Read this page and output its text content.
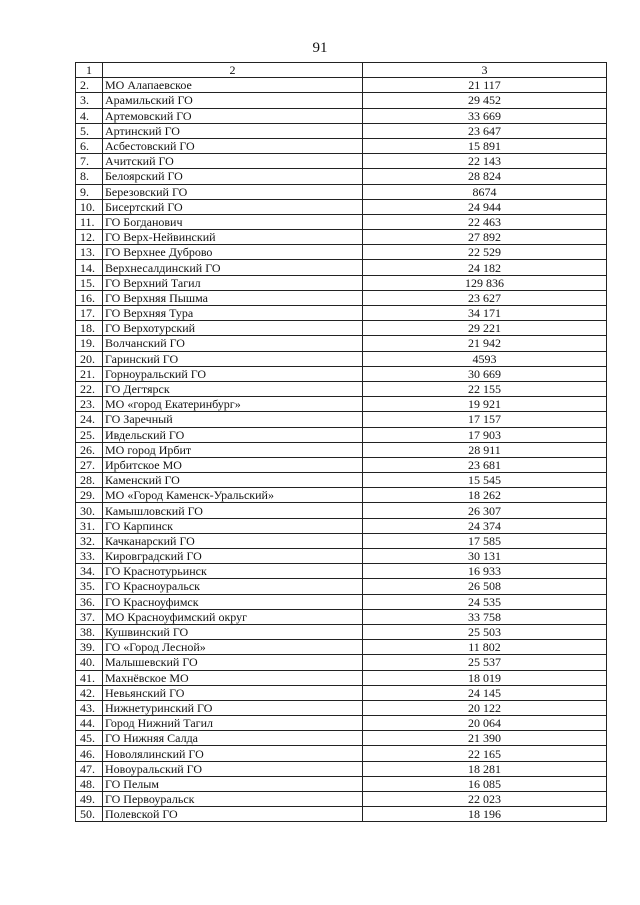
91
1	2	3
2.	МО Алапаевское	21 117
3.	Арамильский ГО	29 452
4.	Артемовский ГО	33 669
5.	Артинский ГО	23 647
6.	Асбестовский ГО	15 891
7.	Ачитский ГО	22 143
8.	Белоярский ГО	28 824
9.	Березовский ГО	8674
10.	Бисертский ГО	24 944
11.	ГО Богданович	22 463
12.	ГО Верх-Нейвинский	27 892
13.	ГО Верхнее Дуброво	22 529
14.	Верхнесалдинский ГО	24 182
15.	ГО Верхний Тагил	129 836
16.	ГО Верхняя Пышма	23 627
17.	ГО Верхняя Тура	34 171
18.	ГО Верхотурский	29 221
19.	Волчанский ГО	21 942
20.	Гаринский ГО	4593
21.	Горноуральский ГО	30 669
22.	ГО Дегтярск	22 155
23.	МО «город Екатеринбург»	19 921
24.	ГО Заречный	17 157
25.	Ивдельский ГО	17 903
26.	МО город Ирбит	28 911
27.	Ирбитское МО	23 681
28.	Каменский ГО	15 545
29.	МО «Город Каменск-Уральский»	18 262
30.	Камышловский ГО	26 307
31.	ГО Карпинск	24 374
32.	Качканарский ГО	17 585
33.	Кировградский ГО	30 131
34.	ГО Краснотурьинск	16 933
35.	ГО Красноуральск	26 508
36.	ГО Красноуфимск	24 535
37.	МО Красноуфимский округ	33 758
38.	Кушвинский ГО	25 503
39.	ГО «Город Лесной»	11 802
40.	Малышевский ГО	25 537
41.	Махнёвское МО	18 019
42.	Невьянский ГО	24 145
43.	Нижнетуринский ГО	20 122
44.	Город Нижний Тагил	20 064
45.	ГО Нижняя Салда	21 390
46.	Новолялинский ГО	22 165
47.	Новоуральский ГО	18 281
48.	ГО Пелым	16 085
49.	ГО Первоуральск	22 023
50.	Полевской ГО	18 196
